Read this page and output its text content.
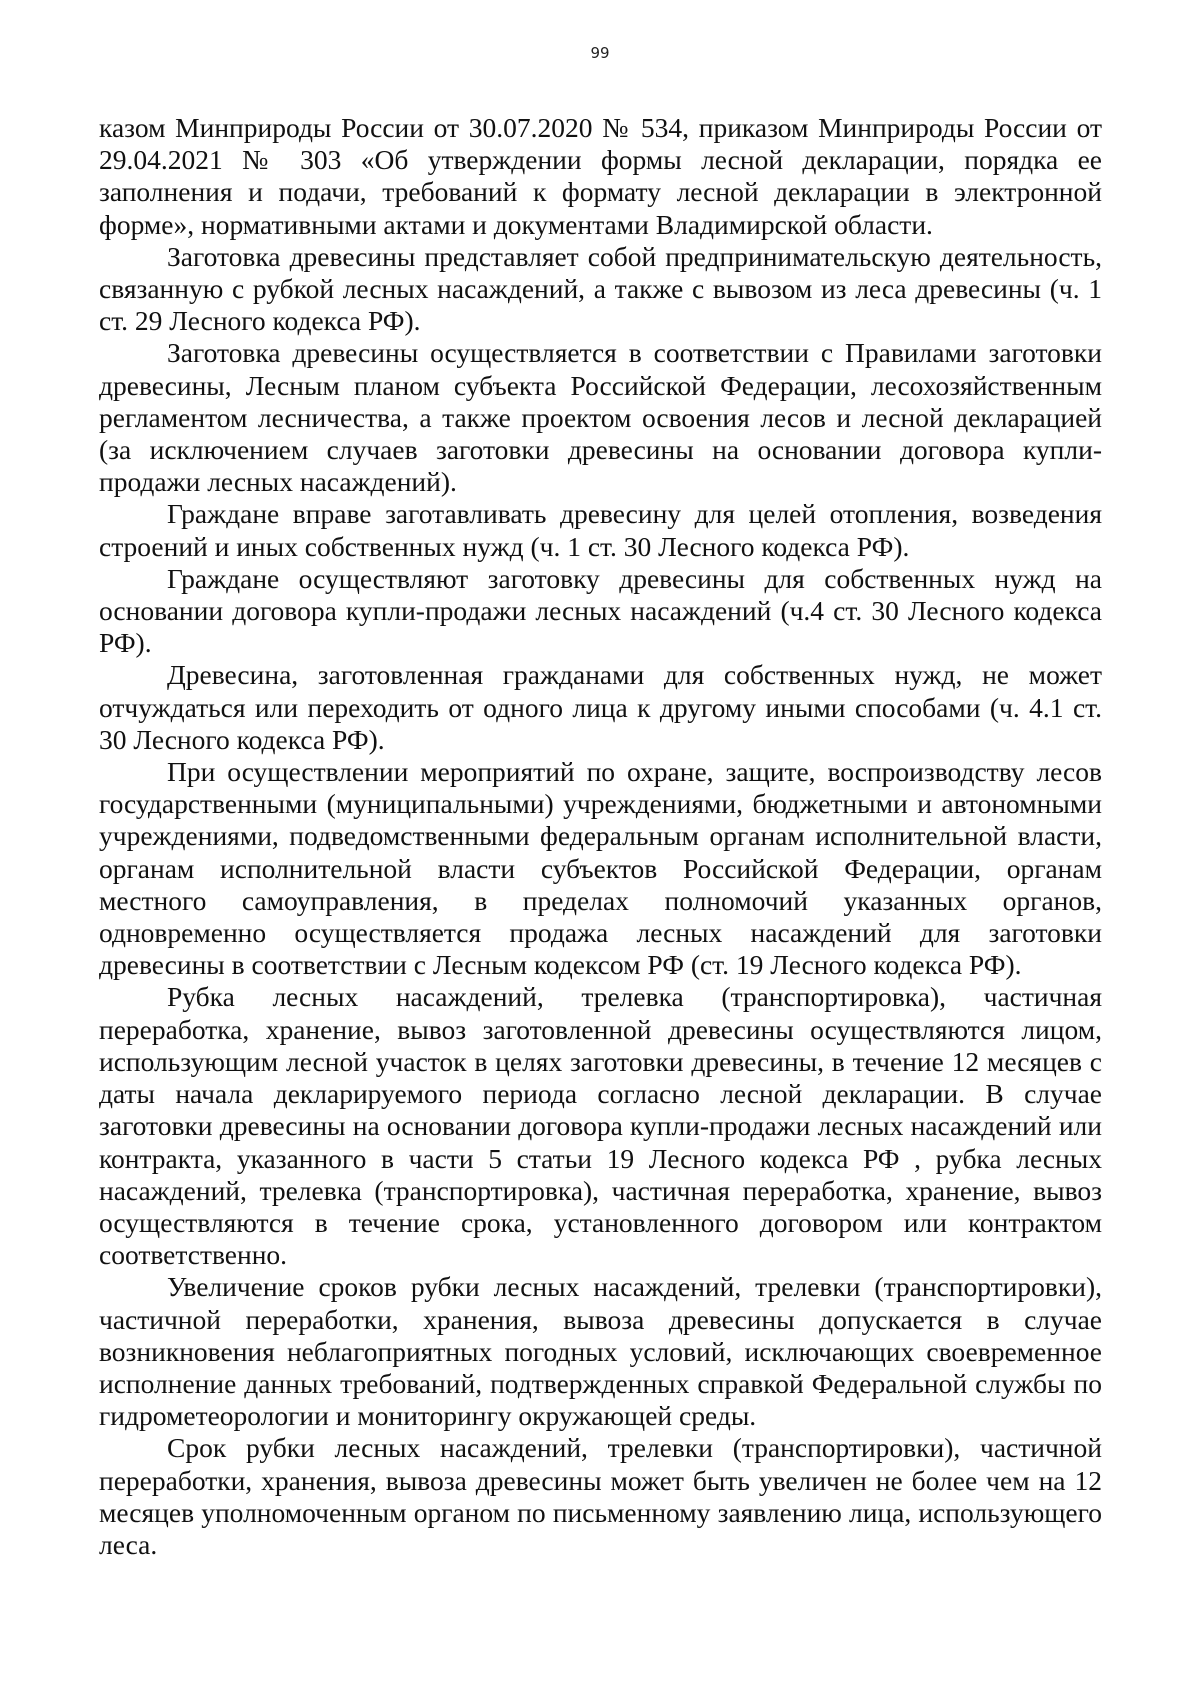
99

казом Минприроды России от 30.07.2020 № 534, приказом Минприроды России от 29.04.2021 № 303 «Об утверждении формы лесной декларации, порядка ее заполнения и подачи, требований к формату лесной декларации в электронной форме», нормативными актами и документами Владимирской области.

Заготовка древесины представляет собой предпринимательскую деятельность, связанную с рубкой лесных насаждений, а также с вывозом из леса древесины (ч. 1 ст. 29 Лесного кодекса РФ).

Заготовка древесины осуществляется в соответствии с Правилами заготовки древесины, Лесным планом субъекта Российской Федерации, лесохозяйственным регламентом лесничества, а также проектом освоения лесов и лесной декларацией (за исключением случаев заготовки древесины на основании договора купли-продажи лесных насаждений).

Граждане вправе заготавливать древесину для целей отопления, возведения строений и иных собственных нужд (ч. 1 ст. 30 Лесного кодекса РФ).

Граждане осуществляют заготовку древесины для собственных нужд на основании договора купли-продажи лесных насаждений (ч.4 ст. 30 Лесного кодекса РФ).

Древесина, заготовленная гражданами для собственных нужд, не может отчуждаться или переходить от одного лица к другому иными способами (ч. 4.1 ст. 30 Лесного кодекса РФ).

При осуществлении мероприятий по охране, защите, воспроизводству лесов государственными (муниципальными) учреждениями, бюджетными и автономными учреждениями, подведомственными федеральным органам исполнительной власти, органам исполнительной власти субъектов Российской Федерации, органам местного самоуправления, в пределах полномочий указанных органов, одновременно осуществляется продажа лесных насаждений для заготовки древесины в соответствии с Лесным кодексом РФ (ст. 19 Лесного кодекса РФ).

Рубка лесных насаждений, трелевка (транспортировка), частичная переработка, хранение, вывоз заготовленной древесины осуществляются лицом, использующим лесной участок в целях заготовки древесины, в течение 12 месяцев с даты начала декларируемого периода согласно лесной декларации. В случае заготовки древесины на основании договора купли-продажи лесных насаждений или контракта, указанного в части 5 статьи 19 Лесного кодекса РФ , рубка лесных насаждений, трелевка (транспортировка), частичная переработка, хранение, вывоз осуществляются в течение срока, установленного договором или контрактом соответственно.

Увеличение сроков рубки лесных насаждений, трелевки (транспортировки), частичной переработки, хранения, вывоза древесины допускается в случае возникновения неблагоприятных погодных условий, исключающих своевременное исполнение данных требований, подтвержденных справкой Федеральной службы по гидрометеорологии и мониторингу окружающей среды.

Срок рубки лесных насаждений, трелевки (транспортировки), частичной переработки, хранения, вывоза древесины может быть увеличен не более чем на 12 месяцев уполномоченным органом по письменному заявлению лица, использующего леса.
